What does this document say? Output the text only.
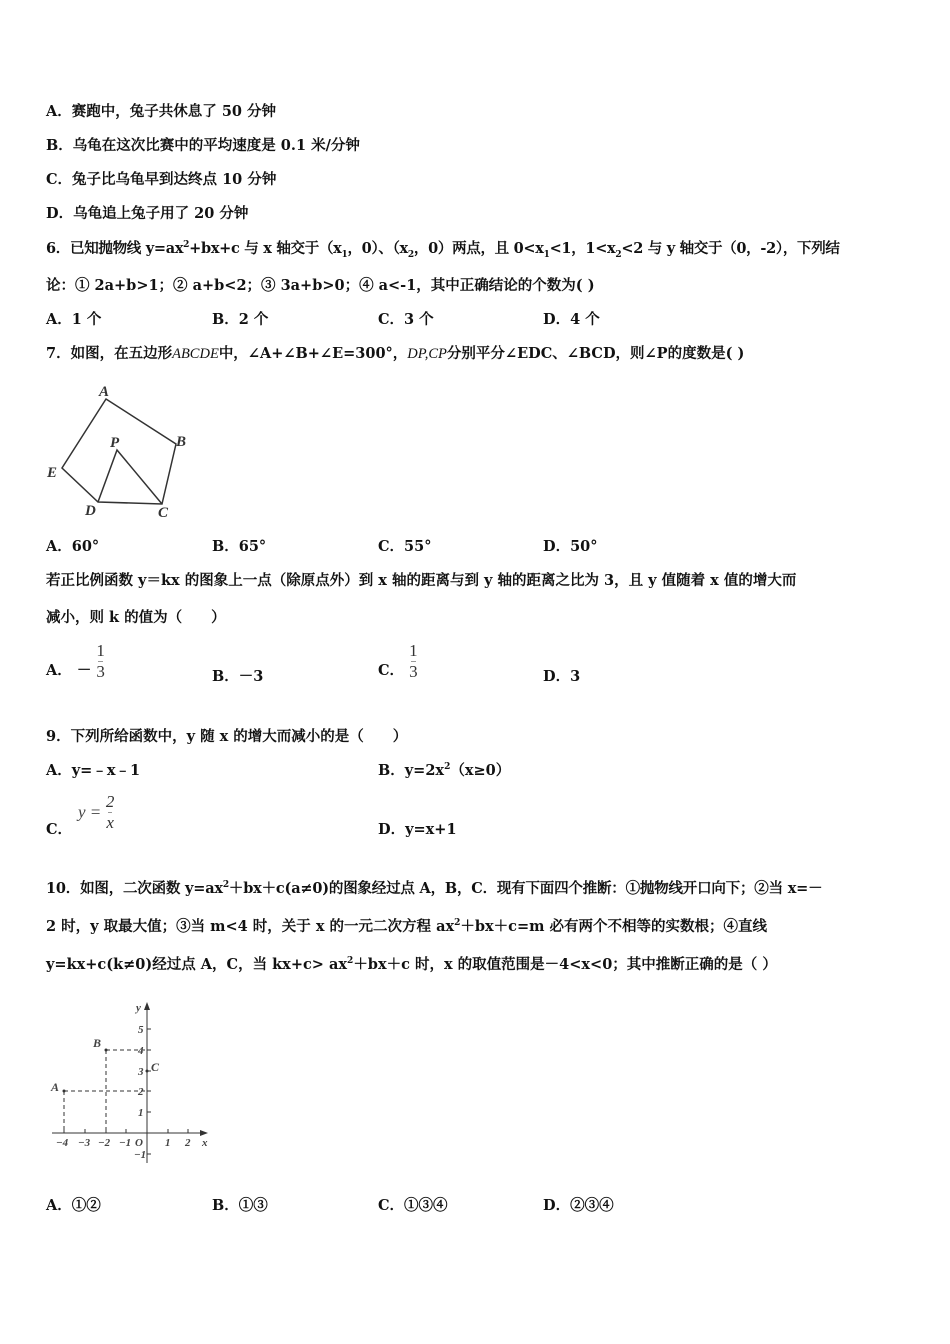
A．赛跑中，兔子共休息了 50 分钟
B．乌龟在这次比赛中的平均速度是 0.1 米/分钟
C．兔子比乌龟早到达终点 10 分钟
D．乌龟追上兔子用了 20 分钟
6．已知抛物线 $y=ax^2+bx+c$ 与 x 轴交于（$x_1$，0）、（$x_2$，0）两点，且 $0<x_1<1$，$1<x_2<2$ 与 y 轴交于（0，-2），下列结
论：① 2a+b>1；② a+b<2；③ 3a+b>0；④ a<-1，其中正确结论的个数为( )
A．1 个	B．2 个	C．3 个	D．4 个
7．如图，在五边形ABCDE中，∠A+∠B+∠E=300°，DP,CP分别平分∠EDC、∠BCD，则∠P的度数是( )
A
B
C
D
E
P
A．60°	B．65°	C．55°	D．50°
若正比例函数 y＝kx 的图象上一点（除原点外）到 x 轴的距离与到 y 轴的距离之比为 3，且 y 值随着 x 值的增大而
减小，则 k 的值为（　　）
A． － $\frac{1}{3}$	B．－3	C． $\frac{1}{3}$	D．3
9．下列所给函数中，y 随 x 的增大而减小的是（　　）
A．y=﹣x﹣1	B．$y=2x^2(x\ge 0)$
C．
$y = \frac{2}{x}$	D．y=x+1
10．如图，二次函数 $y=ax^2+bx+c(a\ne 0)$的图象经过点 A，B，C．现有下面四个推断：①抛物线开口向下；②当 x=－
2 时，y 取最大值；③当 m<4 时，关于 x 的一元二次方程 $ax^2+bx+c=m$ 必有两个不相等的实数根；④直线
y=kx+c(k≠0)经过点 A，C，当 $kx+c> ax^2+bx+c$ 时，x 的取值范围是－4<x<0；其中推断正确的是（ ）
−4 −3 −2 −1	1 2
5
4
3
2
1
−1
O
y
x
A
B
C
A．①②	B．①③	C．①③④	D．②③④
